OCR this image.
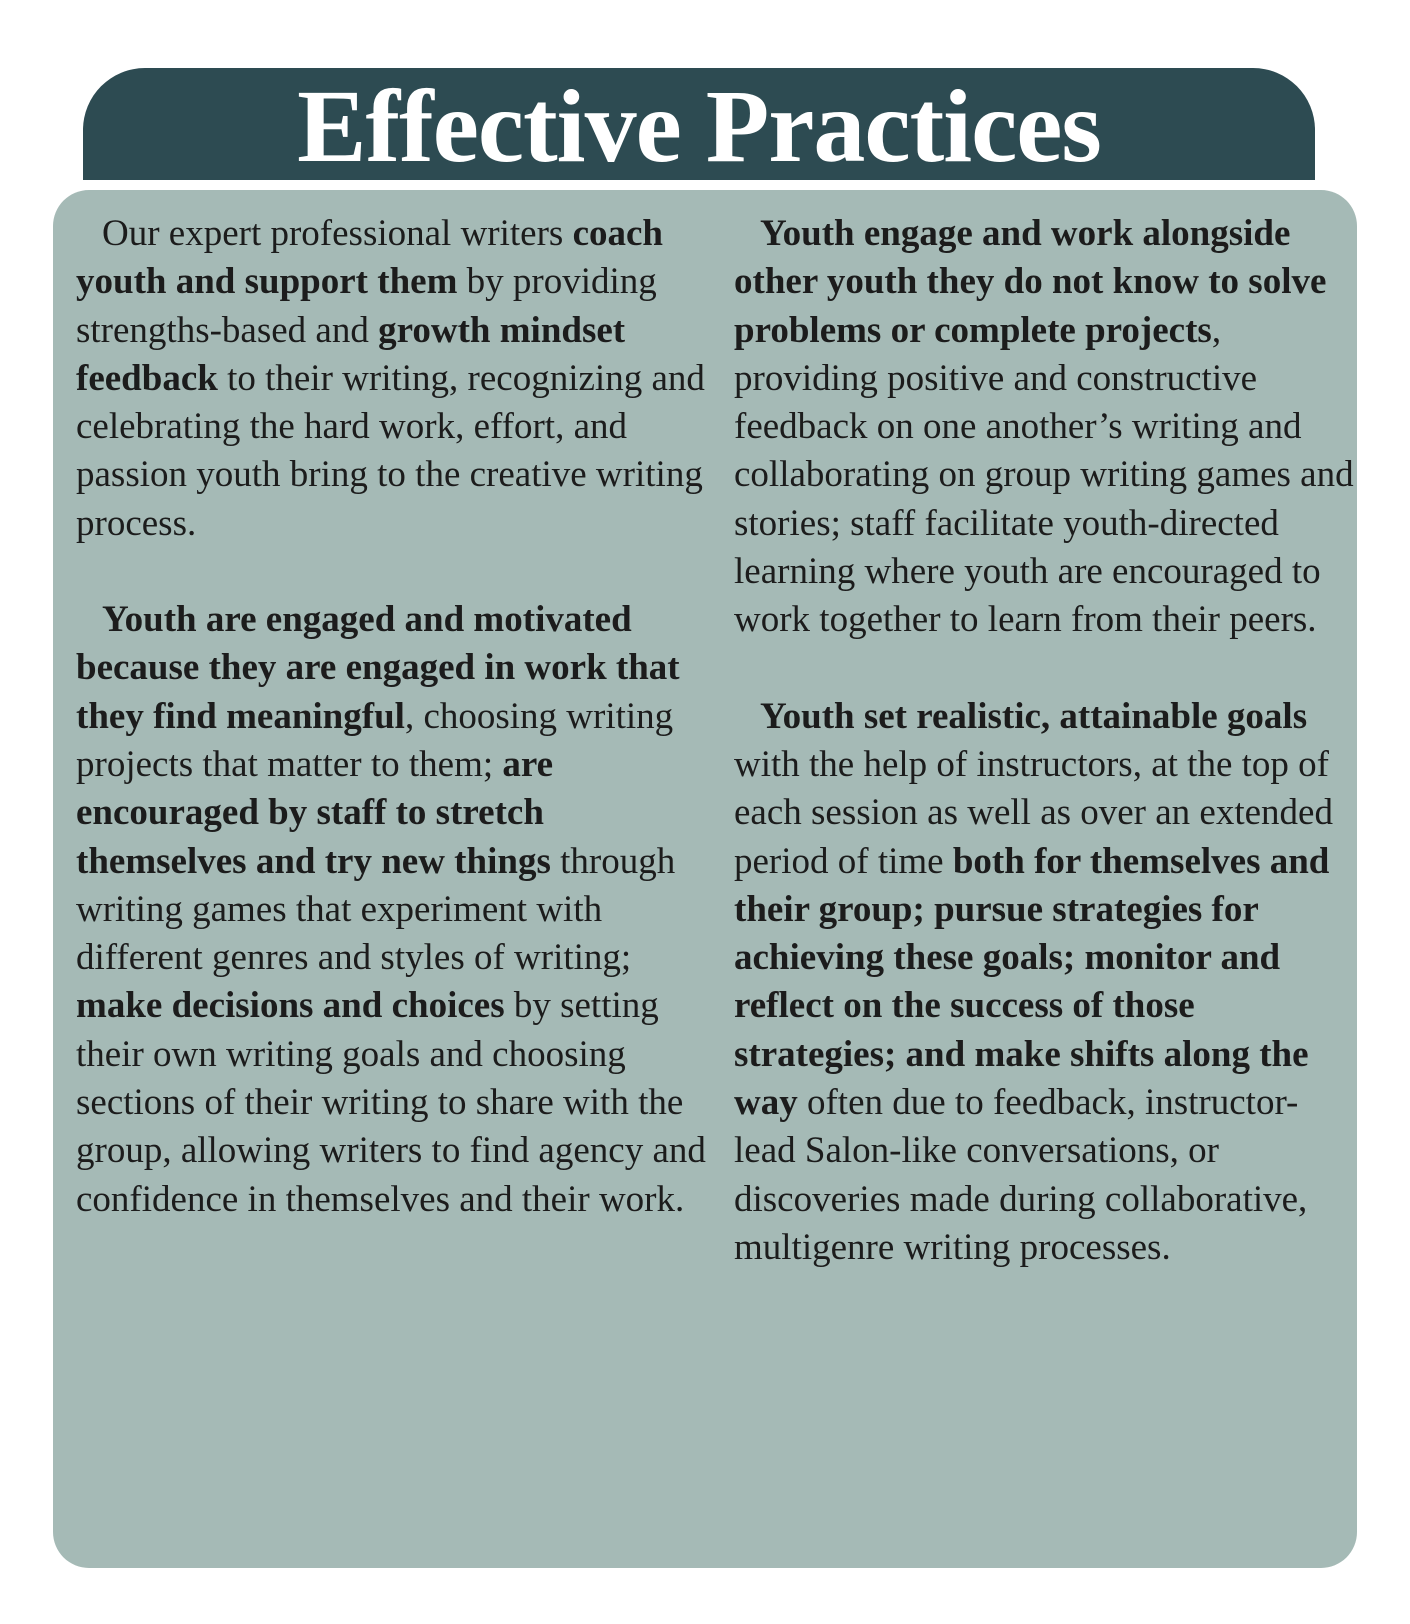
Effective Practices

Our expert professional writers coach youth and support them by providing strengths-based and growth mindset feedback to their writing, recognizing and celebrating the hard work, effort, and passion youth bring to the creative writing process.

Youth are engaged and motivated because they are engaged in work that they find meaningful, choosing writing projects that matter to them; are encouraged by staff to stretch themselves and try new things through writing games that experiment with different genres and styles of writing; make decisions and choices by setting their own writing goals and choosing sections of their writing to share with the group, allowing writers to find agency and confidence in themselves and their work.

Youth engage and work alongside other youth they do not know to solve problems or complete projects, providing positive and constructive feedback on one another’s writing and collaborating on group writing games and stories; staff facilitate youth-directed learning where youth are encouraged to work together to learn from their peers.

Youth set realistic, attainable goals with the help of instructors, at the top of each session as well as over an extended period of time both for themselves and their group; pursue strategies for achieving these goals; monitor and reflect on the success of those strategies; and make shifts along the way often due to feedback, instructor-lead Salon-like conversations, or discoveries made during collaborative, multigenre writing processes.
